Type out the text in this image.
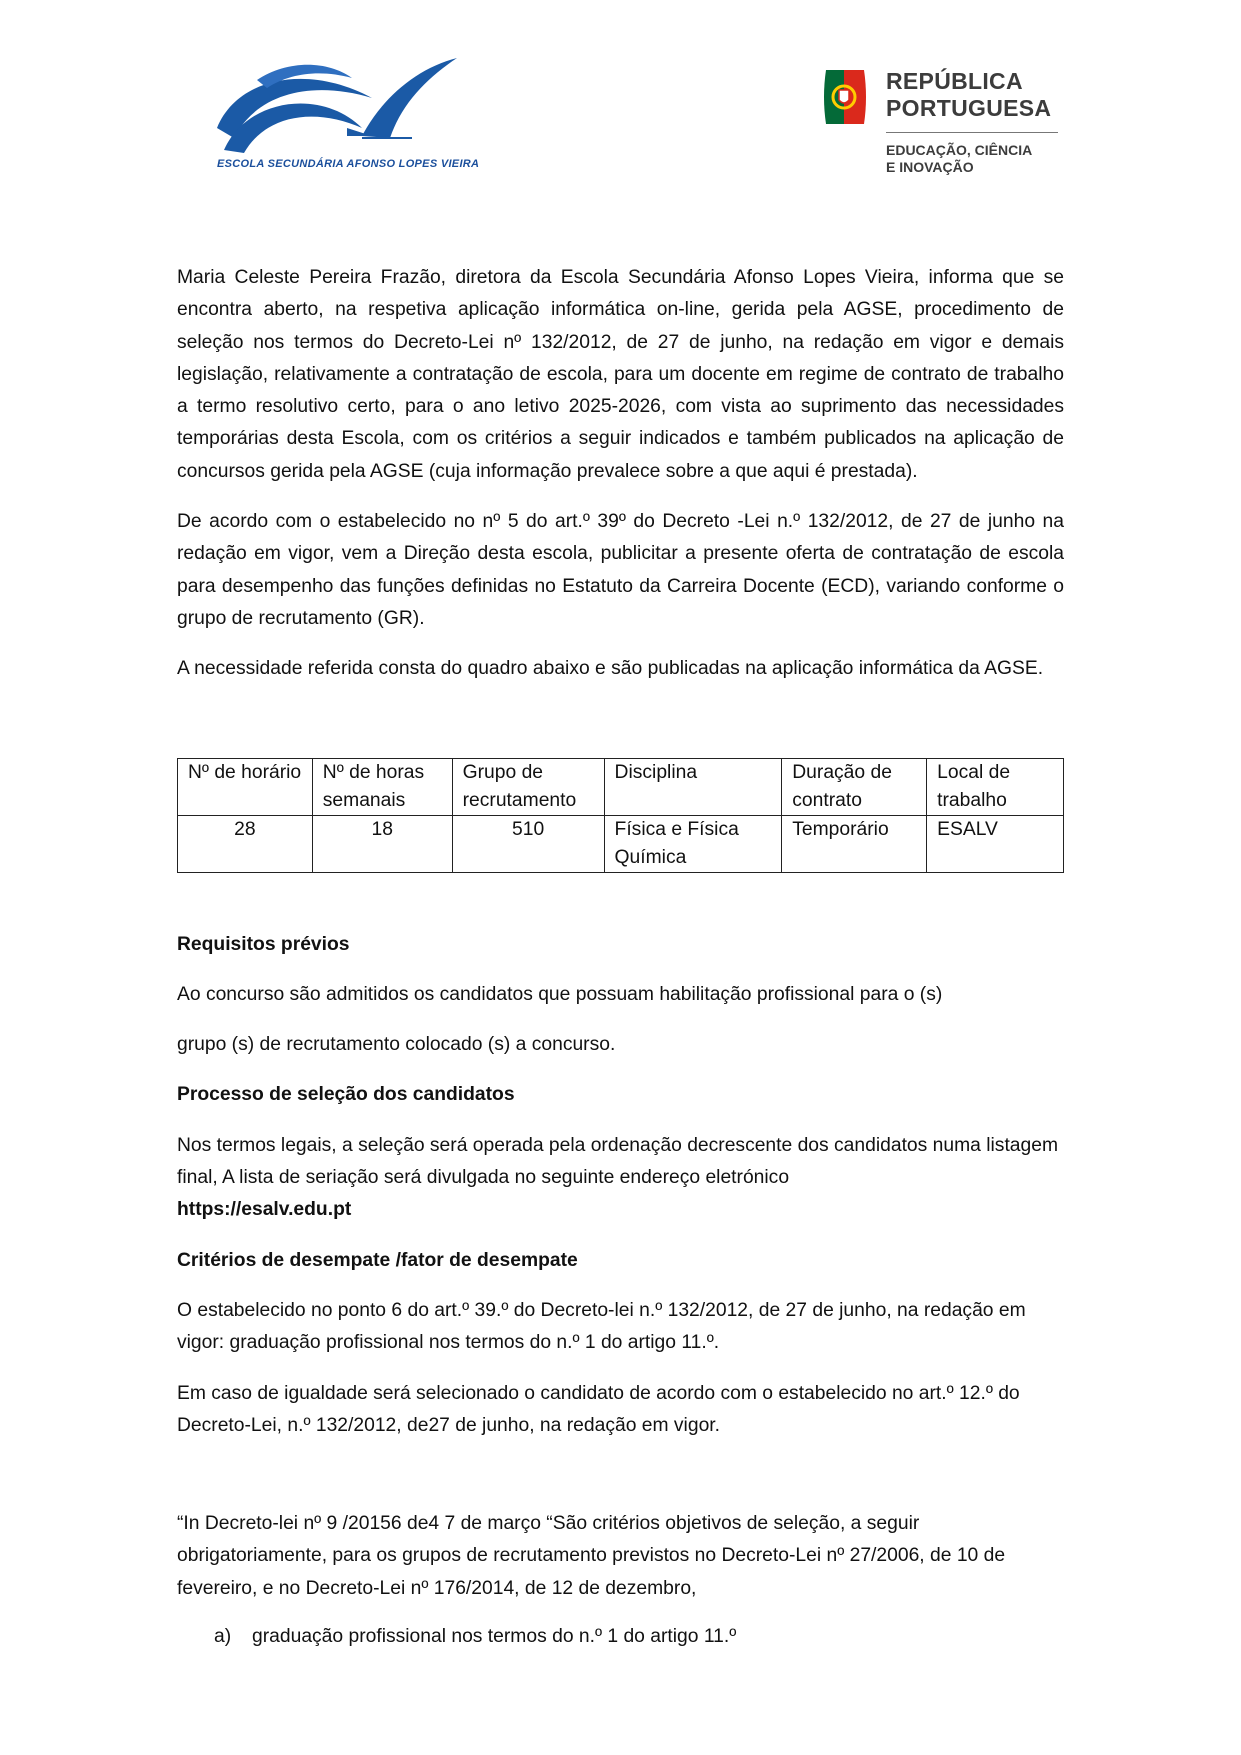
ESCOLA SECUNDÁRIA AFONSO LOPES VIEIRA
REPÚBLICA
PORTUGUESA
EDUCAÇÃO, CIÊNCIA
E INOVAÇÃO

Maria Celeste Pereira Frazão, diretora da Escola Secundária Afonso Lopes Vieira, informa que se encontra aberto, na respetiva aplicação informática on-line, gerida pela AGSE, procedimento de seleção nos termos do Decreto-Lei nº 132/2012, de 27 de junho, na redação em vigor e demais legislação, relativamente a contratação de escola, para um docente em regime de contrato de trabalho a termo resolutivo certo, para o ano letivo 2025-2026, com vista ao suprimento das necessidades temporárias desta Escola, com os critérios a seguir indicados e também publicados na aplicação de concursos gerida pela AGSE (cuja informação prevalece sobre a que aqui é prestada).

De acordo com o estabelecido no nº 5 do art.º 39º do Decreto -Lei n.º 132/2012, de 27 de junho na redação em vigor, vem a Direção desta escola, publicitar a presente oferta de contratação de escola para desempenho das funções definidas no Estatuto da Carreira Docente (ECD), variando conforme o grupo de recrutamento (GR).

A necessidade referida consta do quadro abaixo e são publicadas na aplicação informática da AGSE.

Nº de horário	Nº de horas semanais	Grupo de recrutamento	Disciplina	Duração de contrato	Local de trabalho
28	18	510	Física e Física Química	Temporário	ESALV

Requisitos prévios

Ao concurso são admitidos os candidatos que possuam habilitação profissional para o (s)

grupo (s) de recrutamento colocado (s) a concurso.

Processo de seleção dos candidatos

Nos termos legais, a seleção será operada pela ordenação decrescente dos candidatos numa listagem final, A lista de seriação será divulgada no seguinte endereço eletrónico
https://esalv.edu.pt

Critérios de desempate /fator de desempate

O estabelecido no ponto 6 do art.º 39.º do Decreto-lei n.º 132/2012, de 27 de junho, na redação em vigor: graduação profissional nos termos do n.º 1 do artigo 11.º.

Em caso de igualdade será selecionado o candidato de acordo com o estabelecido no art.º 12.º do Decreto-Lei, n.º 132/2012, de27 de junho, na redação em vigor.

“In Decreto-lei nº 9 /20156 de4 7 de março “São critérios objetivos de seleção, a seguir obrigatoriamente, para os grupos de recrutamento previstos no Decreto-Lei nº 27/2006, de 10 de fevereiro, e no Decreto-Lei nº 176/2014, de 12 de dezembro,

a) graduação profissional nos termos do n.º 1 do artigo 11.º
